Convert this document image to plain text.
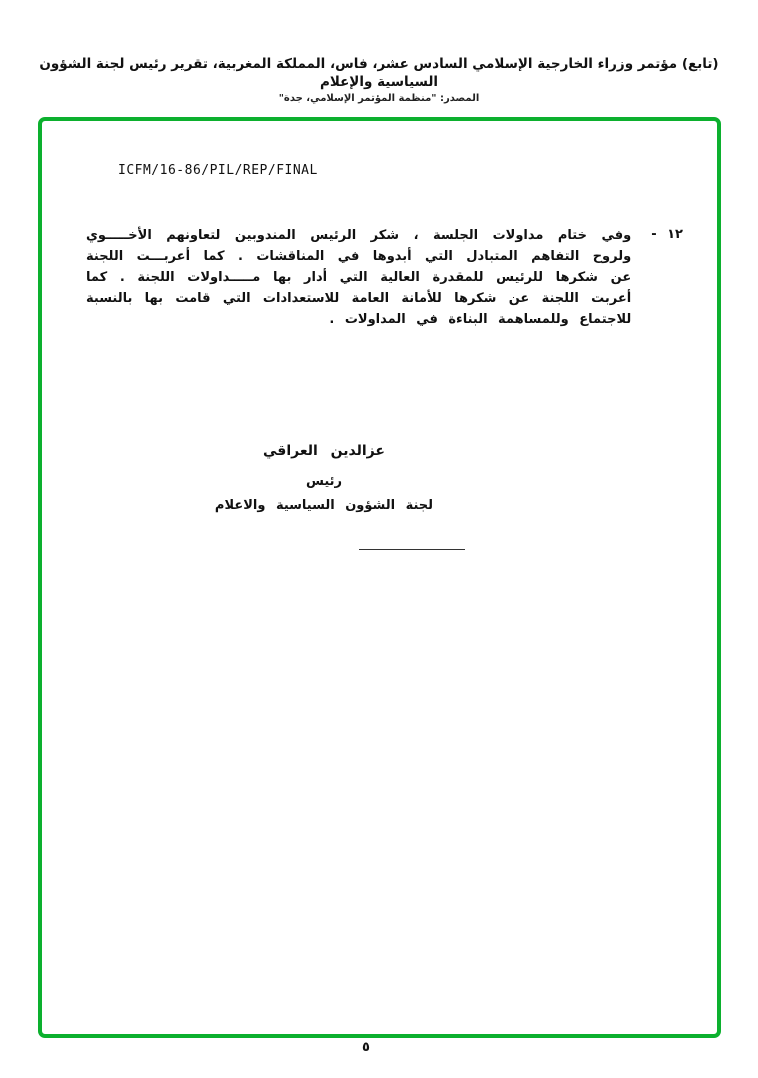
(تابع) مؤتمر وزراء الخارجية الإسلامي السادس عشر، فاس، المملكة المغربية، تقرير رئيس لجنة الشؤون السياسية والإعلام
المصدر: "منظمة المؤتمر الإسلامي، جدة"
ICFM/16-86/PIL/REP/FINAL
١٢ -
وفي ختام مداولات الجلسة ، شكر الرئيس المندوبين لتعاونهم الأخـــــوي ولروح التفاهم المتبادل التي أبدوها في المناقشات . كما أعربـــت اللجنة عن شكرها للرئيس للمقدرة العالية التي أدار بها مـــــداولات اللجنة . كما أعربت اللجنة عن شكرها للأمانة العامة للاستعدادات التي قامت بها بالنسبة للاجتماع وللمساهمة البناءة في المداولات .
عزالدين العراقي
رئيس
لجنة الشؤون السياسية والاعلام
٥
